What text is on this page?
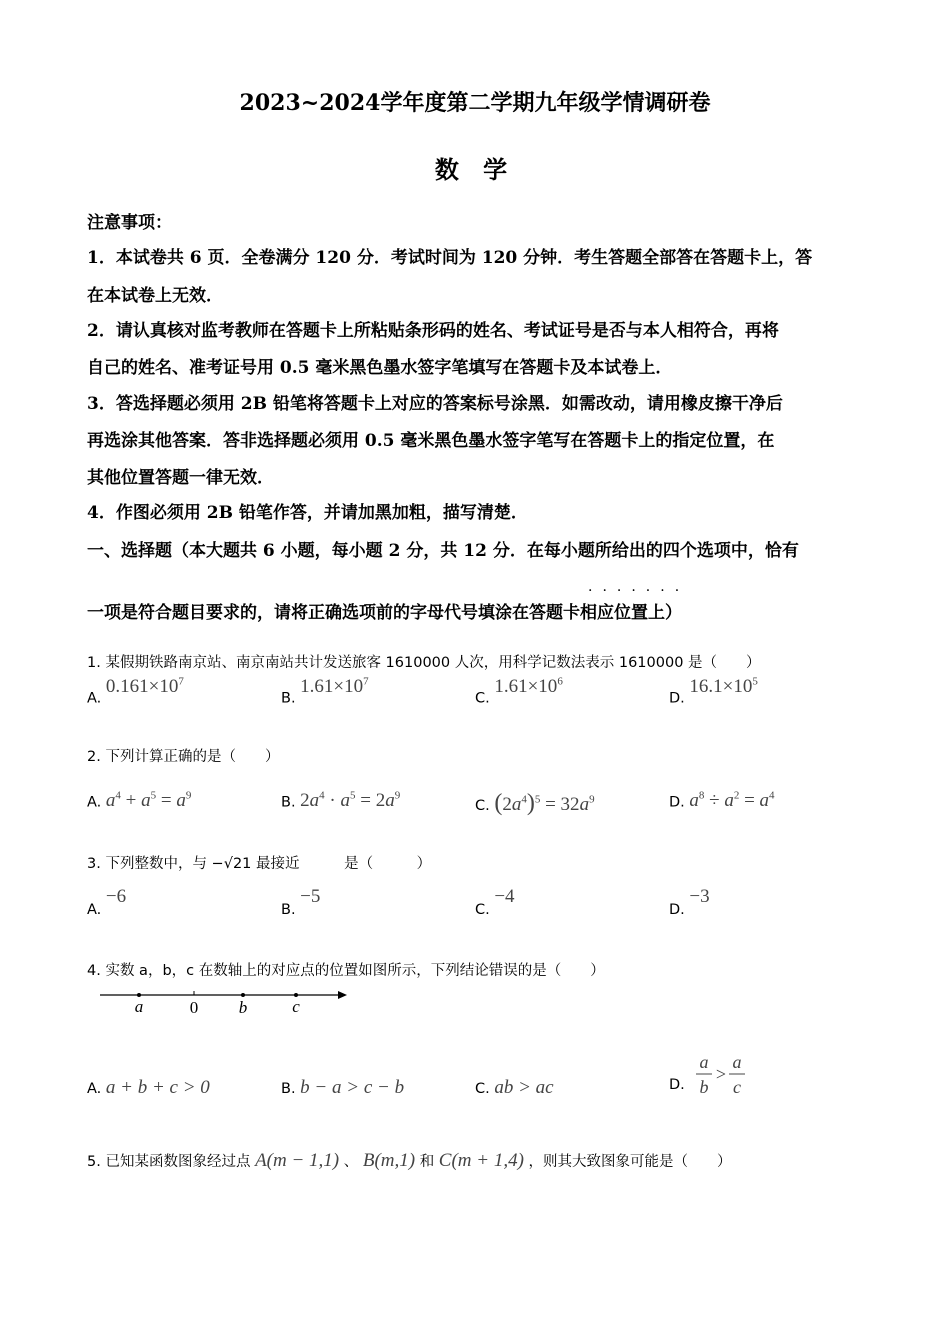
2023~2024学年度第二学期九年级学情调研卷
数 学
注意事项：
1．本试卷共 6 页．全卷满分 120 分．考试时间为 120 分钟．考生答题全部答在答题卡上，答
在本试卷上无效．
2．请认真核对监考教师在答题卡上所粘贴条形码的姓名、考试证号是否与本人相符合，再将
自己的姓名、准考证号用 0.5 毫米黑色墨水签字笔填写在答题卡及本试卷上．
3．答选择题必须用 2B 铅笔将答题卡上对应的答案标号涂黑．如需改动，请用橡皮擦干净后
再选涂其他答案．答非选择题必须用 0.5 毫米黑色墨水签字笔写在答题卡上的指定位置，在
其他位置答题一律无效．
4．作图必须用 2B 铅笔作答，并请加黑加粗，描写清楚．
一、选择题（本大题共 6 小题，每小题 2 分，共 12 分．在每小题所给出的四个选项中，恰有
·······
一项是符合题目要求的，请将正确选项前的字母代号填涂在答题卡相应位置上）
1. 某假期铁路南京站、南京南站共计发送旅客 1610000 人次，用科学记数法表示 1610000 是（　　）
A. $0.161\times 10^7$
B. $1.61\times 10^7$
C. $1.61\times 10^6$
D. $16.1\times 10^5$
2. 下列计算正确的是（　　）
A. $a^4 + a^5 = a^9$	B. $2a^4 \cdot a^5 = 2a^9$
C. $(2a^4)^5 = 32a^9$	D. $a^8 \div a^2 = a^4$
3. 下列整数中，与 −√21 最接近	是（　　　）
A. −6
B. −5
C. −4
D. −3
4. 实数 a，b，c 在数轴上的对应点的位置如图所示，下列结论错误的是（　　）
a	0 b	c
A. a + b + c > 0	B. b − a > c − b	C. ab > ac	D.
a
b
>
a
c
5. 已知某函数图象经过点 A(m − 1,1) 、 B(m,1) 和 C(m + 1,4) ，则其大致图象可能是（　　）
